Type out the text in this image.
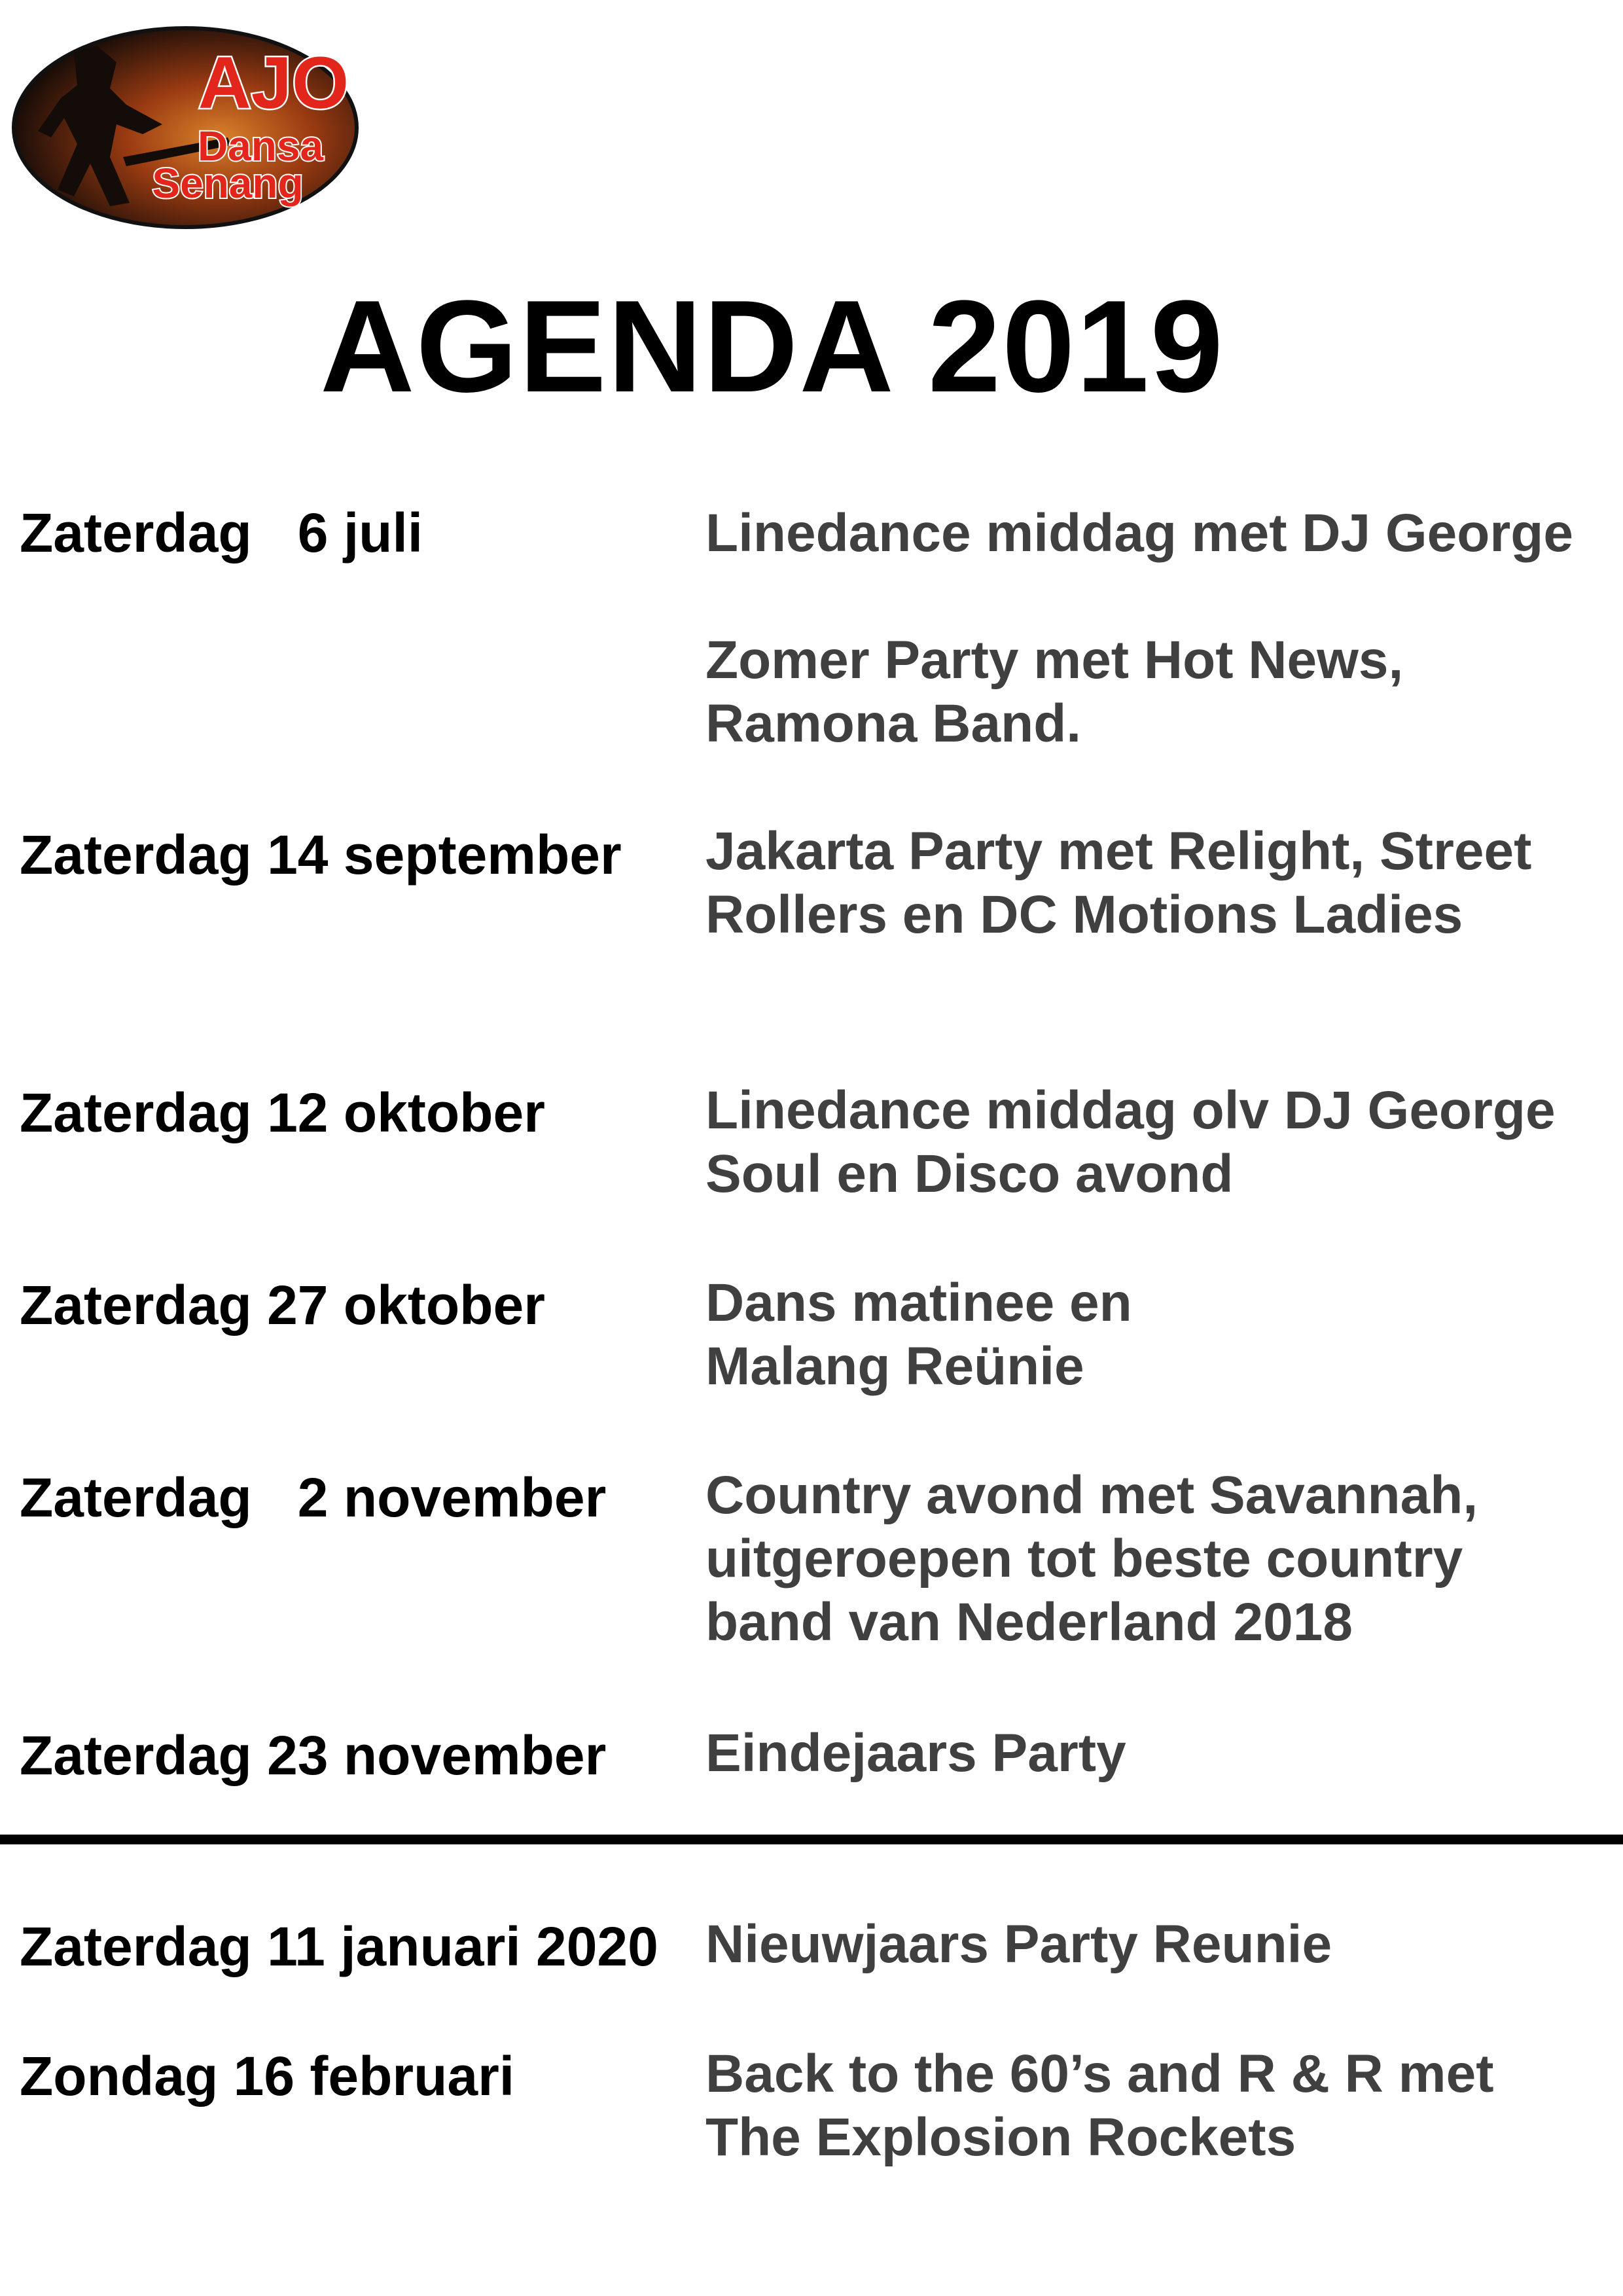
AJO
Dansa
Senang
AGENDA 2019
Zaterdag   6 juli	Linedance middag met DJ George
Zomer Party met Hot News,
Ramona Band.
Zaterdag 14 september Jakarta Party met Relight, Street
Rollers en DC Motions Ladies
Zaterdag 12 oktober	Linedance middag olv DJ George
Soul en Disco avond
Zaterdag 27 oktober	Dans matinee en
Malang Reünie
Zaterdag   2 november Country avond met Savannah,
uitgeroepen tot beste country
band van Nederland 2018
Zaterdag 23 november Eindejaars Party
Zaterdag 11 januari 2020 Nieuwjaars Party Reunie
Zondag 16 februari	Back to the 60’s and R & R met
The Explosion Rockets
